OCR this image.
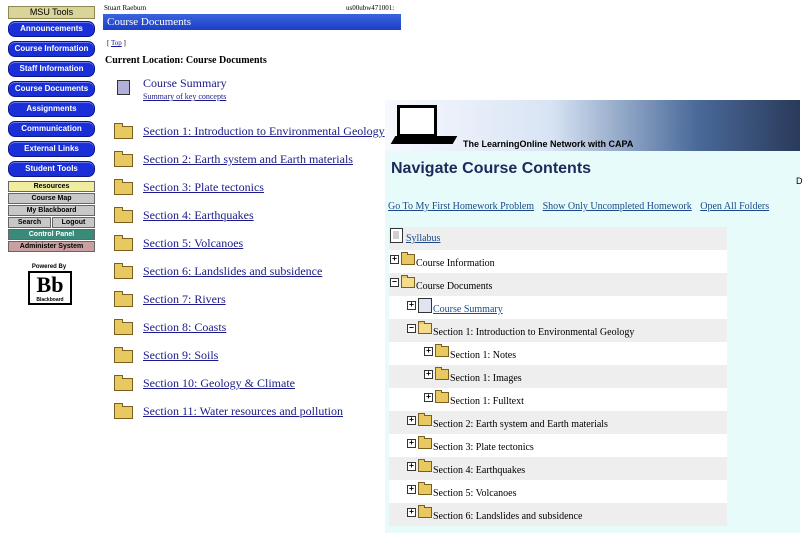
MSU Tools
Announcements
Course Information
Staff Information
Course Documents
Assignments
Communication
External Links
Student Tools
Resources
Course Map
My Blackboard
Search	Logout
Control Panel
Administer System
Powered By
Bb
Blackboard
Stuart Raeburn	us00ubw471001:
Course Documents
[ Top ]
Current Location: Course Documents
Course Summary
Summary of key concepts
Section 1: Introduction to Environmental Geology
Section 2: Earth system and Earth materials
Section 3: Plate tectonics
Section 4: Earthquakes
Section 5: Volcanoes
Section 6: Landslides and subsidence
Section 7: Rivers
Section 8: Coasts
Section 9: Soils
Section 10: Geology & Climate
Section 11: Water resources and pollution
The LearningOnline Network with CAPA
Navigate Course Contents
D
Go To My First Homework Problem Show Only Uncompleted Homework Open All Folders
Syllabus
+ Course Information
− Course Documents
+ Course Summary
− Section 1: Introduction to Environmental Geology
+ Section 1: Notes
+ Section 1: Images
+ Section 1: Fulltext
+ Section 2: Earth system and Earth materials
+ Section 3: Plate tectonics
+ Section 4: Earthquakes
+ Section 5: Volcanoes
+ Section 6: Landslides and subsidence
